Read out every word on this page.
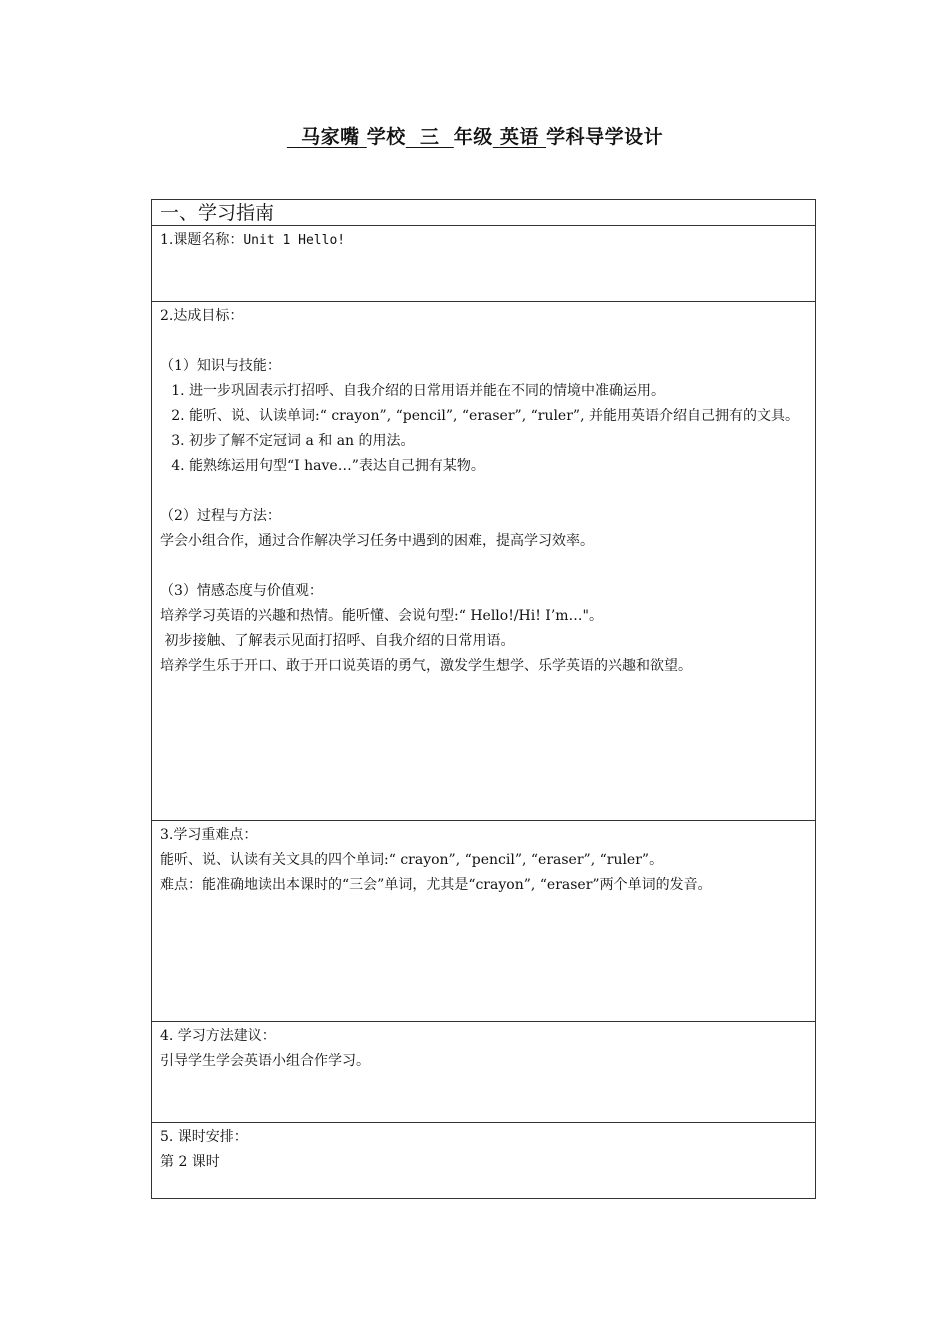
马家嘴 学校 三 年级 英语 学科导学设计
一、学习指南
1.课题名称：Unit 1 Hello!

2.达成目标：
（1）知识与技能：
1. 进一步巩固表示打招呼、自我介绍的日常用语并能在不同的情境中准确运用。
2. 能听、说、认读单词:“ crayon”, “pencil”, “eraser”, “ruler”, 并能用英语介绍自己拥有的文具。
3. 初步了解不定冠词 a 和 an 的用法。
4. 能熟练运用句型“I have…”表达自己拥有某物。
（2）过程与方法：
学会小组合作，通过合作解决学习任务中遇到的困难，提高学习效率。
（3）情感态度与价值观：
培养学习英语的兴趣和热情。能听懂、会说句型:“ Hello!/Hi! I’m…"。
初步接触、了解表示见面打招呼、自我介绍的日常用语。
培养学生乐于开口、敢于开口说英语的勇气，激发学生想学、乐学英语的兴趣和欲望。

3.学习重难点：
能听、说、认读有关文具的四个单词:“ crayon”, “pencil”, “eraser”, “ruler”。
难点：能准确地读出本课时的“三会”单词，尤其是“crayon”, “eraser”两个单词的发音。

4. 学习方法建议：
引导学生学会英语小组合作学习。

5. 课时安排：
第 2 课时
